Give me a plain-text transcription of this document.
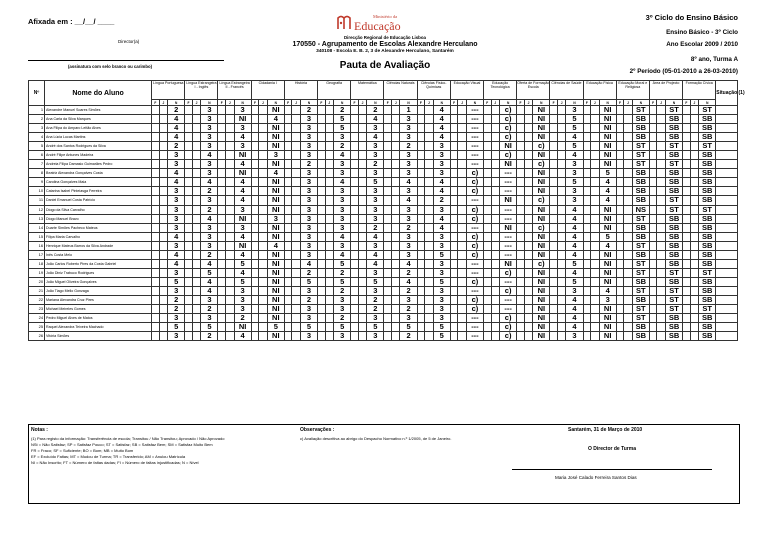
Afixada em : __/__/ ____
Director(a)
(assinatura com selo branco ou carimbo)
Ministério da
Educação
Direcção Regional de Educação Lisboa
170550 - Agrupamento de Escolas Alexandre Herculano
340108 - Escola E. B. 2, 3 de Alexandre Herculano, Santarém
Pauta de Avaliação
3º Ciclo do Ensino Básico
Ensino Básico - 3º Ciclo
Ano Escolar 2009 / 2010
8º ano, Turma A
2º Período (05-01-2010 a 26-03-2010)
Nº	Nome do Aluno	Língua Portuguesa			Língua Estrangeira I - Inglês			Língua Estrangeira II - Francês			Cidadania I			História			Geografia			Matemática			Ciências Naturais			Ciências Físico-Químicas			Educação Visual			Educação Tecnológica			Oferta de Formação Escola			Ciências de Saúde			Educação Física			Educação Moral e Religiosa			Área de Projecto			Formação Cívica			Situação (1)
		F	J	N	F	J	N	F	J	N	F	J	N	F	J	N	F	J	N	F	J	N	F	J	N	F	J	N	F	J	N	F	J	N	F	J	N	F	J	N	F	J	N	F	J	N	F	J	N	F	J	N	
1	Alexandre Manuel Soares Simões			2			3			3			NI			2			2			2			1			4			---			c)			NI			3			NI			ST			ST			ST	
2	Ana Carla da Silva Marques			4			3			NI			4			3			5			4			3			4			---			c)			NI			5			NI			SB			SB			SB	
3	Ana Filipa do Amparo Leitão Alves			4			3			3			NI			3			5			3			3			4			---			c)			NI			5			NI			SB			SB			SB	
4	Ana Lúcia Lucas Martins			4			3			4			NI			3			3			4			3			4			---			c)			NI			4			NI			SB			SB			SB	
5	André dos Santos Rodrigues da Silva			2			3			3			NI			3			2			3			2			3			---			NI			c)			5			NI			ST			ST			ST	
6	André Filipe Antunes Madeira			3			4			NI			3			3			4			3			3			3			---			c)			NI			4			NI			ST			SB			SB	
7	Andreia Filipa Damasio Guimarães Pedro			3			3			4			NI			2			3			2			3			3			---			NI			c)			3			NI			ST			ST			SB	
8	Beatriz Alexandra Gonçalves Costa			4			3			NI			4			3			3			3			3			3			c)			---			NI			3			5			SB			SB			SB	
9	Carolina Gonçalves Maia			4			4			4			NI			3			4			5			4			4			c)			---			NI			5			4			SB			SB			SB	
10	Catarina Isabel Pinteiasga Ferreira			3			2			4			NI			3			3			3			3			4			c)			---			NI			3			4			SB			SB			SB	
11	Daniel Emanuel Costa Patrício			3			3			4			NI			3			3			3			4			2			---			NI			c)			3			4			SB			ST			SB	
12	Diogo da Silva Carvalho			3			2			3			NI			3			3			3			3			3			c)			---			NI			4			NI			NS			ST			ST	
13	Diogo Manuel Bravo			3			4			NI			3			3			3			3			3			4			c)			---			NI			4			NI			ST			SB			SB	
14	Duarte Simões Pacheco Mateus			3			3			3			NI			3			3			2			2			4			---			NI			c)			4			NI			SB			SB			SB	
15	Filipa Maria Carvalho			4			3			4			NI			3			4			4			3			3			c)			---			NI			4			5			SB			SB			SB	
16	Henrique Mateus Barros da Silva Andrade			3			3			NI			4			3			3			3			3			3			c)			---			NI			4			4			ST			SB			SB	
17	Inês Costa Melo			4			2			4			NI			3			4			4			3			5			c)			---			NI			4			NI			SB			SB			SB	
18	João Carlos Roberto Pires da Costa Gabriel			4			4			5			NI			4			5			4			4			3			---			NI			c)			5			NI			ST			SB			SB	
19	João Diniz Trabuco Rodrigues			3			5			4			NI			2			2			3			2			3			---			c)			NI			4			NI			ST			ST			ST	
20	João Miguel Oliveira Gonçalves			5			4			5			NI			5			5			5			4			5			c)			---			NI			5			NI			SB			SB			SB	
21	João Tiago Mello Gonzaga			3			4			3			NI			3			2			3			2			3			---			c)			NI			3			4			ST			ST			SB	
22	Mariana Alexandra Cruz Pires			2			3			3			NI			2			3			2			3			3			c)			---			NI			4			3			SB			ST			SB	
23	Michael Meireles Gomes			2			2			3			NI			3			3			2			2			3			c)			---			NI			4			NI			ST			ST			ST	
24	Pedro Miguel Alves de Matos			3			3			2			NI			3			2			3			3			3			---			c)			NI			4			NI			ST			SB			SB	
25	Raquel Alexandra Teixeira Machado			5			5			NI			5			5			5			5			5			5			---			c)			NI			4			NI			SB			SB			SB	
26	Vitória Simões			3			2			4			NI			3			3			3			2			5			---			c)			NI			3			NI			SB			SB			SB	
Notas :
(1) Para registo da informação: Transferência de escola; Transitou / Não Transitou; Aprovado / Não Aprovado
NSt = Não Satisfaz; SP = Satisfaz Pouco; ST = Satisfaz; SB = Satisfaz Bem; SM = Satisfaz Muito Bem
FR = Fraco; SF = Suficiente; BO = Bom; MB = Muito Bom
EF = Excluído Faltas; MT = Mudou de Turma; TR = Transferido; AM = Anulou Matrícula
NI = Não Inscrito; FT = Número de faltas dadas; FI = Número de faltas injustificadas; N = Nível
Observações :
c) Avaliação descritiva ao abrigo do Despacho Normativo n.º 1/2005, de 5 de Janeiro.
Santarém, 31 de Março de 2010
O Director de Turma
Maria José Calado Ferreira Santos Dias
